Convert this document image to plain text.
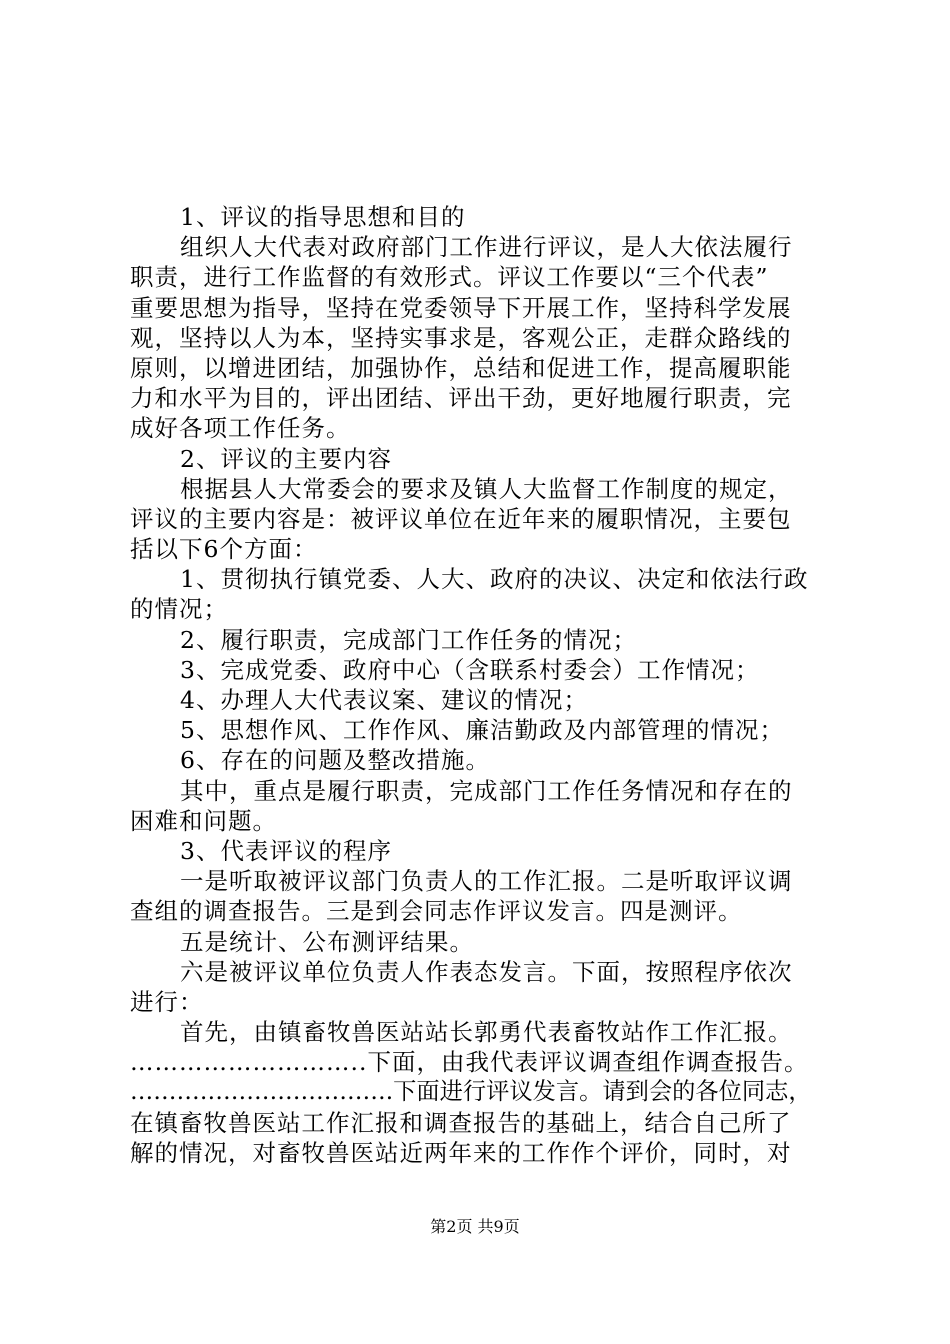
1、评议的指导思想和目的
组织人大代表对政府部门工作进行评议，是人大依法履行
职责，进行工作监督的有效形式。评议工作要以“三个代表”
重要思想为指导，坚持在党委领导下开展工作，坚持科学发展
观，坚持以人为本，坚持实事求是，客观公正，走群众路线的
原则，以增进团结，加强协作，总结和促进工作，提高履职能
力和水平为目的，评出团结、评出干劲，更好地履行职责，完
成好各项工作任务。
2、评议的主要内容
根据县人大常委会的要求及镇人大监督工作制度的规定，
评议的主要内容是：被评议单位在近年来的履职情况，主要包
括以下6个方面：
1、贯彻执行镇党委、人大、政府的决议、决定和依法行政
的情况；
2、履行职责，完成部门工作任务的情况；
3、完成党委、政府中心（含联系村委会）工作情况；
4、办理人大代表议案、建议的情况；
5、思想作风、工作作风、廉洁勤政及内部管理的情况；
6、存在的问题及整改措施。
其中，重点是履行职责，完成部门工作任务情况和存在的
困难和问题。
3、代表评议的程序
一是听取被评议部门负责人的工作汇报。二是听取评议调
查组的调查报告。三是到会同志作评议发言。四是测评。
五是统计、公布测评结果。
六是被评议单位负责人作表态发言。下面，按照程序依次
进行：
首先，由镇畜牧兽医站站长郭勇代表畜牧站作工作汇报。
………………………..下面，由我代表评议调查组作调查报告。
…………………………….下面进行评议发言。请到会的各位同志，
在镇畜牧兽医站工作汇报和调查报告的基础上，结合自己所了
解的情况，对畜牧兽医站近两年来的工作作个评价，同时，对
第2页 共9页
